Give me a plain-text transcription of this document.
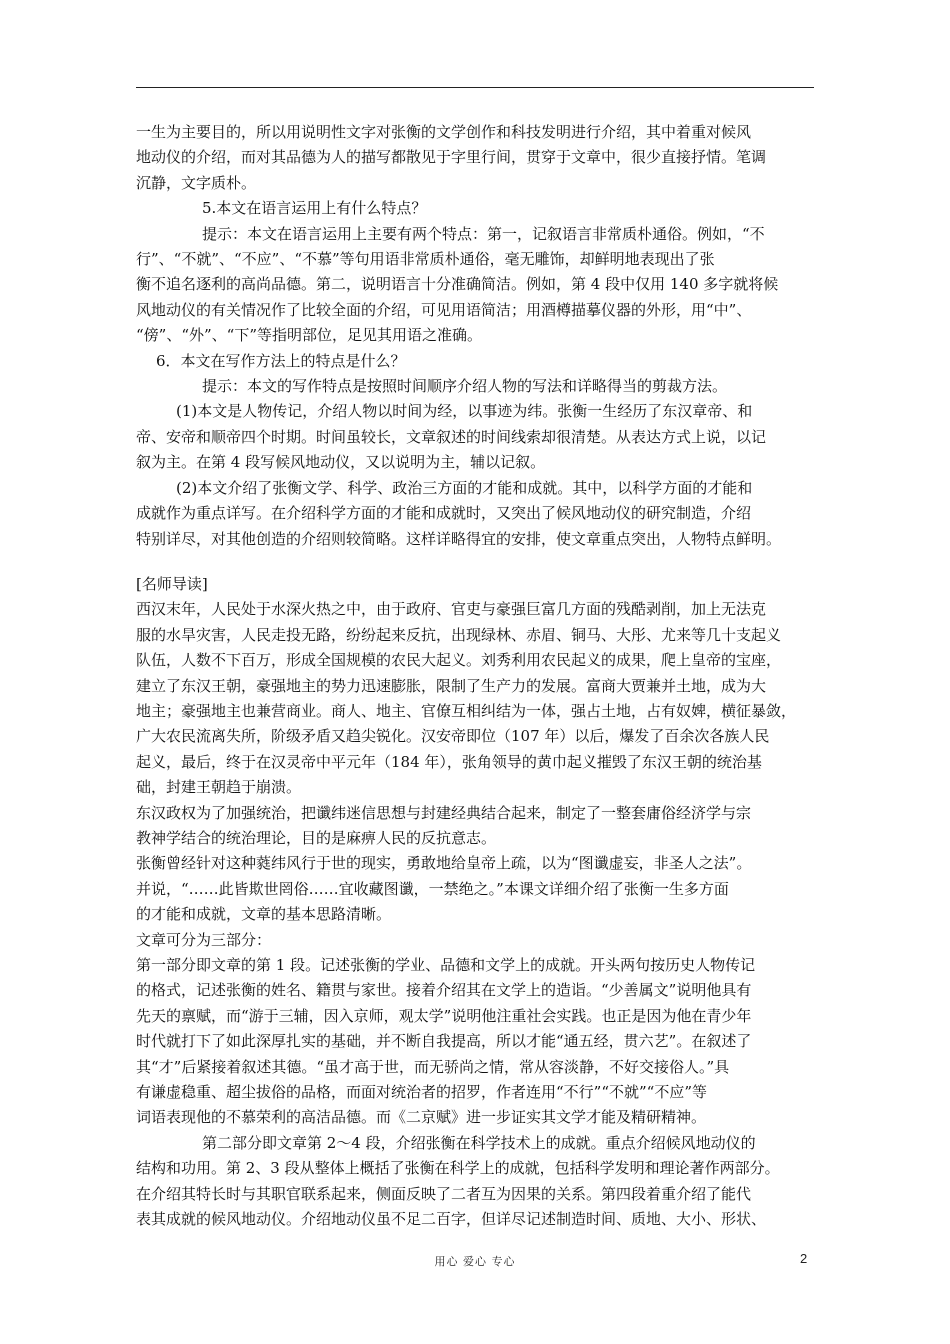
一生为主要目的，所以用说明性文字对张衡的文学创作和科技发明进行介绍，其中着重对候风

地动仪的介绍，而对其品德为人的描写都散见于字里行间，贯穿于文章中，很少直接抒情。笔调

沉静，文字质朴。

5.本文在语言运用上有什么特点？

提示：本文在语言运用上主要有两个特点：第一，记叙语言非常质朴通俗。例如，“不

行”、“不就”、“不应”、“不慕”等句用语非常质朴通俗，毫无雕饰，却鲜明地表现出了张

衡不追名逐利的高尚品德。第二，说明语言十分准确简洁。例如，第 4 段中仅用 140 多字就将候

风地动仪的有关情况作了比较全面的介绍，可见用语简洁；用酒樽描摹仪器的外形，用“中”、

“傍”、“外”、“下”等指明部位，足见其用语之准确。

6．本文在写作方法上的特点是什么？

提示：本文的写作特点是按照时间顺序介绍人物的写法和详略得当的剪裁方法。

(1)本文是人物传记，介绍人物以时间为经，以事迹为纬。张衡一生经历了东汉章帝、和

帝、安帝和顺帝四个时期。时间虽较长，文章叙述的时间线索却很清楚。从表达方式上说，以记

叙为主。在第 4 段写候风地动仪，又以说明为主，辅以记叙。

(2)本文介绍了张衡文学、科学、政治三方面的才能和成就。其中，以科学方面的才能和

成就作为重点详写。在介绍科学方面的才能和成就时，又突出了候风地动仪的研究制造，介绍

特别详尽，对其他创造的介绍则较简略。这样详略得宜的安排，使文章重点突出，人物特点鲜明。

[名师导读]

西汉末年，人民处于水深火热之中，由于政府、官吏与豪强巨富几方面的残酷剥削，加上无法克

服的水旱灾害，人民走投无路，纷纷起来反抗，出现绿林、赤眉、铜马、大彤、尤来等几十支起义

队伍，人数不下百万，形成全国规模的农民大起义。刘秀利用农民起义的成果，爬上皇帝的宝座，

建立了东汉王朝，豪强地主的势力迅速膨胀，限制了生产力的发展。富商大贾兼并土地，成为大

地主；豪强地主也兼营商业。商人、地主、官僚互相纠结为一体，强占土地，占有奴婢，横征暴敛，

广大农民流离失所，阶级矛盾又趋尖锐化。汉安帝即位（107 年）以后，爆发了百余次各族人民

起义，最后，终于在汉灵帝中平元年（184 年），张角领导的黄巾起义摧毁了东汉王朝的统治基

础，封建王朝趋于崩溃。

东汉政权为了加强统治，把谶纬迷信思想与封建经典结合起来，制定了一整套庸俗经济学与宗

教神学结合的统治理论，目的是麻痹人民的反抗意志。

张衡曾经针对这种蕤纬风行于世的现实，勇敢地给皇帝上疏，以为“图谶虚妄，非圣人之法”。

并说，“……此皆欺世罔俗……宜收藏图谶，一禁绝之。”本课文详细介绍了张衡一生多方面

的才能和成就，文章的基本思路清晰。

文章可分为三部分：

第一部分即文章的第 1 段。记述张衡的学业、品德和文学上的成就。开头两句按历史人物传记

的格式，记述张衡的姓名、籍贯与家世。接着介绍其在文学上的造诣。“少善属文”说明他具有

先天的禀赋，而“游于三辅，因入京师，观太学”说明他注重社会实践。也正是因为他在青少年

时代就打下了如此深厚扎实的基础，并不断自我提高，所以才能“通五经，贯六艺”。在叙述了

其“才”后紧接着叙述其德。“虽才高于世，而无骄尚之情，常从容淡静，不好交接俗人。”具

有谦虚稳重、超尘拔俗的品格，而面对统治者的招罗，作者连用“不行”“不就”“不应”等

词语表现他的不慕荣利的高洁品德。而《二京赋》进一步证实其文学才能及精研精神。

第二部分即文章第 2～4 段，介绍张衡在科学技术上的成就。重点介绍候风地动仪的

结构和功用。第 2、3 段从整体上概括了张衡在科学上的成就，包括科学发明和理论著作两部分。

在介绍其特长时与其职官联系起来，侧面反映了二者互为因果的关系。第四段着重介绍了能代

表其成就的候风地动仪。介绍地动仪虽不足二百字，但详尽记述制造时间、质地、大小、形状、

用心 爱心 专心	2
